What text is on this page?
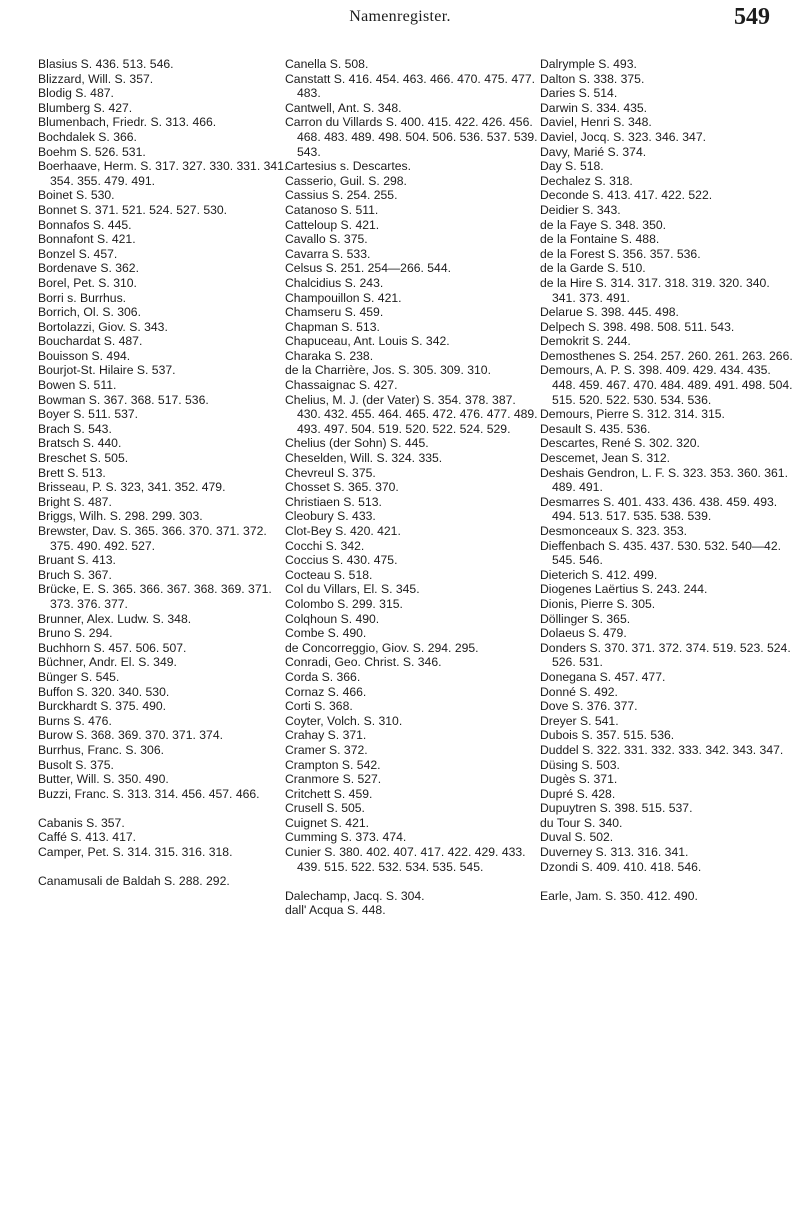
Namenregister.	549
Blasius S. 436. 513. 546.
Blizzard, Will. S. 357.
Blodig S. 487.
Blumberg S. 427.
Blumenbach, Friedr. S. 313. 466.
Bochdalek S. 366.
Boehm S. 526. 531.
Boerhaave, Herm. S. 317. 327. 330. 331. 341. 354. 355. 479. 491.
Boinet S. 530.
Bonnet S. 371. 521. 524. 527. 530.
Bonnafos S. 445.
Bonnafont S. 421.
Bonzel S. 457.
Bordenave S. 362.
Borel, Pet. S. 310.
Borri s. Burrhus.
Borrich, Ol. S. 306.
Bortolazzi, Giov. S. 343.
Bouchardat S. 487.
Bouisson S. 494.
Bourjot-St. Hilaire S. 537.
Bowen S. 511.
Bowman S. 367. 368. 517. 536.
Boyer S. 511. 537.
Brach S. 543.
Bratsch S. 440.
Breschet S. 505.
Brett S. 513.
Brisseau, P. S. 323, 341. 352. 479.
Bright S. 487.
Briggs, Wilh. S. 298. 299. 303.
Brewster, Dav. S. 365. 366. 370. 371. 372. 375. 490. 492. 527.
Bruant S. 413.
Bruch S. 367.
Brücke, E. S. 365. 366. 367. 368. 369. 371. 373. 376. 377.
Brunner, Alex. Ludw. S. 348.
Bruno S. 294.
Buchhorn S. 457. 506. 507.
Büchner, Andr. El. S. 349.
Bünger S. 545.
Buffon S. 320. 340. 530.
Burckhardt S. 375. 490.
Burns S. 476.
Burow S. 368. 369. 370. 371. 374.
Burrhus, Franc. S. 306.
Busolt S. 375.
Butter, Will. S. 350. 490.
Buzzi, Franc. S. 313. 314. 456. 457. 466.
Cabanis S. 357.
Caffé S. 413. 417.
Camper, Pet. S. 314. 315. 316. 318.
Canamusali de Baldah S. 288. 292.
Canella S. 508.
Canstatt S. 416. 454. 463. 466. 470. 475. 477. 483.
Cantwell, Ant. S. 348.
Carron du Villards S. 400. 415. 422. 426. 456. 468. 483. 489. 498. 504. 506. 536. 537. 539. 543.
Cartesius s. Descartes.
Casserio, Guil. S. 298.
Cassius S. 254. 255.
Catanoso S. 511.
Catteloup S. 421.
Cavallo S. 375.
Cavarra S. 533.
Celsus S. 251. 254—266. 544.
Chalcidius S. 243.
Champouillon S. 421.
Chamseru S. 459.
Chapman S. 513.
Chapuceau, Ant. Louis S. 342.
Charaka S. 238.
de la Charrière, Jos. S. 305. 309. 310.
Chassaignac S. 427.
Chelius, M. J. (der Vater) S. 354. 378. 387. 430. 432. 455. 464. 465. 472. 476. 477. 489. 493. 497. 504. 519. 520. 522. 524. 529.
Chelius (der Sohn) S. 445.
Cheselden, Will. S. 324. 335.
Chevreul S. 375.
Chosset S. 365. 370.
Christiaen S. 513.
Cleobury S. 433.
Clot-Bey S. 420. 421.
Cocchi S. 342.
Coccius S. 430. 475.
Cocteau S. 518.
Col du Villars, El. S. 345.
Colombo S. 299. 315.
Colqhoun S. 490.
Combe S. 490.
de Concorreggio, Giov. S. 294. 295.
Conradi, Geo. Christ. S. 346.
Corda S. 366.
Cornaz S. 466.
Corti S. 368.
Coyter, Volch. S. 310.
Crahay S. 371.
Cramer S. 372.
Crampton S. 542.
Cranmore S. 527.
Critchett S. 459.
Crusell S. 505.
Cuignet S. 421.
Cumming S. 373. 474.
Cunier S. 380. 402. 407. 417. 422. 429. 433. 439. 515. 522. 532. 534. 535. 545.
Dalechamp, Jacq. S. 304.
dall' Acqua S. 448.
Dalrymple S. 493.
Dalton S. 338. 375.
Daries S. 514.
Darwin S. 334. 435.
Daviel, Henri S. 348.
Daviel, Jocq. S. 323. 346. 347.
Davy, Marié S. 374.
Day S. 518.
Dechalez S. 318.
Deconde S. 413. 417. 422. 522.
Deidier S. 343.
de la Faye S. 348. 350.
de la Fontaine S. 488.
de la Forest S. 356. 357. 536.
de la Garde S. 510.
de la Hire S. 314. 317. 318. 319. 320. 340. 341. 373. 491.
Delarue S. 398. 445. 498.
Delpech S. 398. 498. 508. 511. 543.
Demokrit S. 244.
Demosthenes S. 254. 257. 260. 261. 263. 266.
Demours, A. P. S. 398. 409. 429. 434. 435. 448. 459. 467. 470. 484. 489. 491. 498. 504. 515. 520. 522. 530. 534. 536.
Demours, Pierre S. 312. 314. 315.
Desault S. 435. 536.
Descartes, René S. 302. 320.
Descemet, Jean S. 312.
Deshais Gendron, L. F. S. 323. 353. 360. 361. 489. 491.
Desmarres S. 401. 433. 436. 438. 459. 493. 494. 513. 517. 535. 538. 539.
Desmonceaux S. 323. 353.
Dieffenbach S. 435. 437. 530. 532. 540—42. 545. 546.
Dieterich S. 412. 499.
Diogenes Laërtius S. 243. 244.
Dionis, Pierre S. 305.
Döllinger S. 365.
Dolaeus S. 479.
Donders S. 370. 371. 372. 374. 519. 523. 524. 526. 531.
Donegana S. 457. 477.
Donné S. 492.
Dove S. 376. 377.
Dreyer S. 541.
Dubois S. 357. 515. 536.
Duddel S. 322. 331. 332. 333. 342. 343. 347.
Düsing S. 503.
Dugès S. 371.
Dupré S. 428.
Dupuytren S. 398. 515. 537.
du Tour S. 340.
Duval S. 502.
Duverney S. 313. 316. 341.
Dzondi S. 409. 410. 418. 546.
Earle, Jam. S. 350. 412. 490.
